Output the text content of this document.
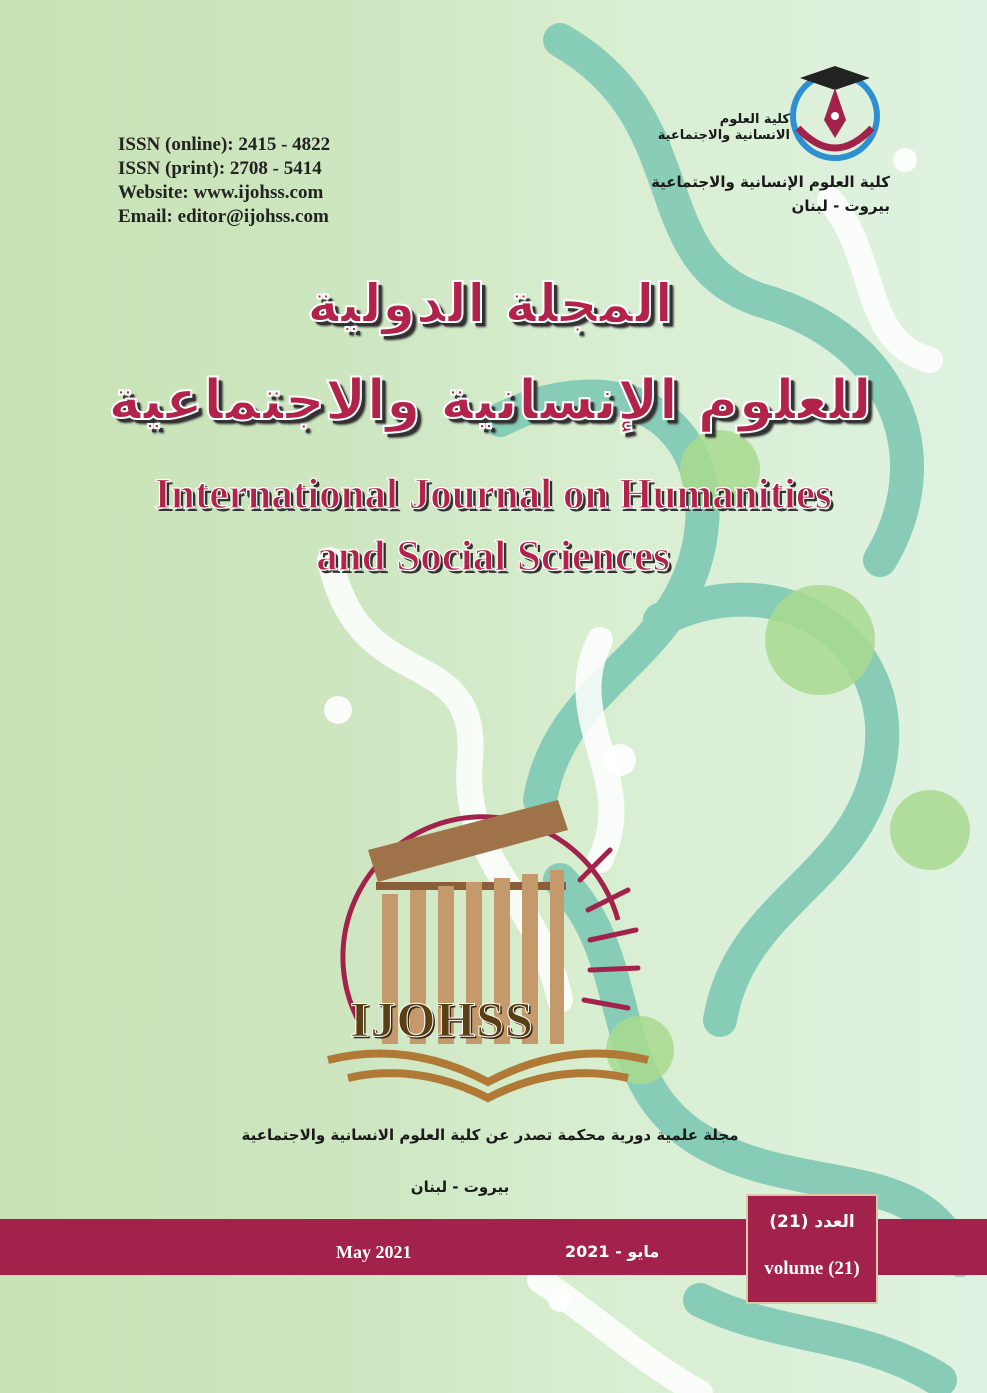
ISSN (online): 2415 - 4822
ISSN (print): 2708 - 5414
Website: www.ijohss.com
Email: editor@ijohss.com
كلية العلوم
الانسانية والاجتماعية
كلية العلوم الإنسانية والاجتماعية
بيروت - لبنان
المجلة الدولية
للعلوم الإنسانية والاجتماعية
International Journal on Humanities
and Social Sciences
IJOHSS
مجلة علمية دورية محكمة تصدر عن كلية العلوم الانسانية والاجتماعية
بيروت - لبنان
May 2021	مايو - 2021
العدد (21)
volume (21)
